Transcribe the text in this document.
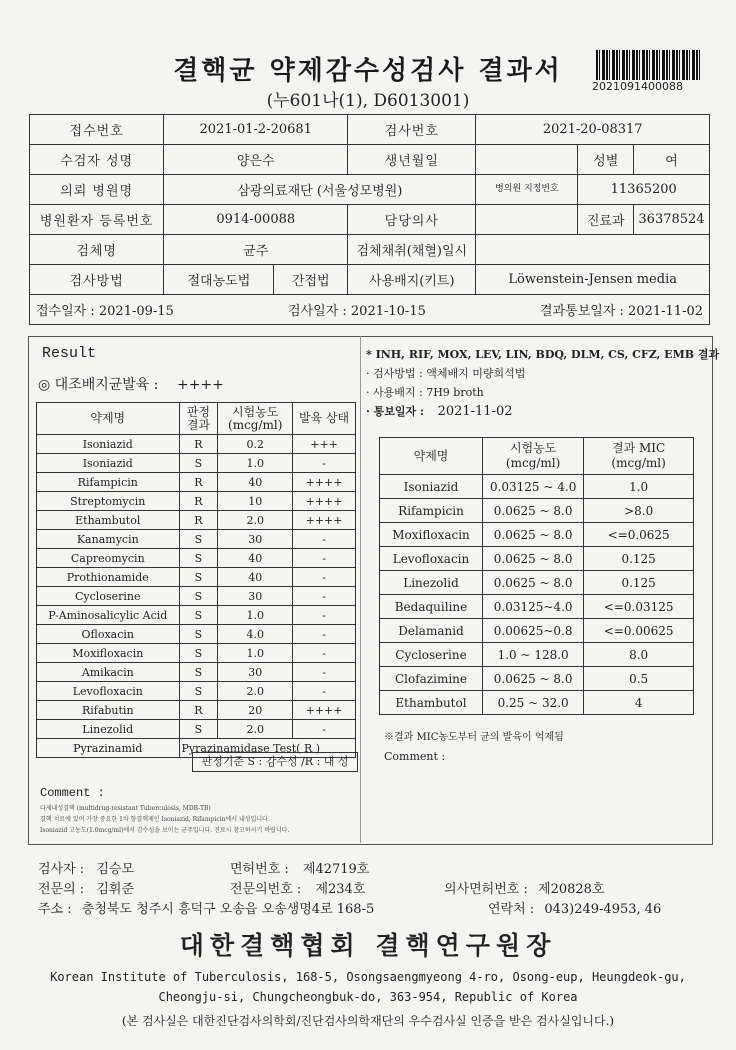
결핵균 약제감수성검사 결과서
(누601나(1), D6013001)
2021091400088
접수번호	2021-01-2-20681		검사번호	2021-20-08317		
수검자 성명	양은수		생년월일		성별	여
의뢰 병원명	삼광의료재단 (서울성모병원)			병의원 지정번호	11365200	
병원환자 등록번호	0914-00088		담당의사		진료과	36378524
검체명	균주		검체채취(채혈)일시			
검사방법	절대농도법	간접법	사용배지(키트)	Löwenstein-Jensen media		

접수일자 : 2021-09-15 검사일자 : 2021-10-15 결과통보일자 : 2021-11-02						
Result
◎ 대조배지균발육 : ++++
약제명	판정 결과	시험농도 (mcg/ml)	발육 상태
Isoniazid	R	0.2	+++
Isoniazid	S	1.0	-
Rifampicin	R	40	++++
Streptomycin	R	10	++++
Ethambutol	R	2.0	++++
Kanamycin	S	30	-
Capreomycin	S	40	-
Prothionamide	S	40	-
Cycloserine	S	30	-
P-Aminosalicylic Acid	S	1.0	-
Ofloxacin	S	4.0	-
Moxifloxacin	S	1.0	-
Amikacin	S	30	-
Levofloxacin	S	2.0	-
Rifabutin	R	20	++++
Linezolid	S	2.0	-
Pyrazinamid	Pyrazinamidase Test( R )		
판정기준 S : 감수성 /R : 내 성
Comment :
다제내성결핵 (multidrug-resistant Tuberculosis, MDR-TB)
결핵 치료에 있어 가장 중요한 1차 항결핵제인 Isoniazid, Rifampicin에서 내성입니다.
Isoniazid 고농도(1.0mcg/ml)에서 감수성을 보이는 균주입니다. 진료시 참고하시기 바랍니다.
* INH, RIF, MOX, LEV, LIN, BDQ, DLM, CS, CFZ, EMB 결과
· 검사방법 : 액체배지 미량희석법
· 사용배지 : 7H9 broth
· 통보일자 : 2021-11-02
약제명	시험농도 (mcg/ml)	결과 MIC (mcg/ml)
Isoniazid	0.03125 ~ 4.0	1.0
Rifampicin	0.0625 ~ 8.0	>8.0
Moxifloxacin	0.0625 ~ 8.0	<=0.0625
Levofloxacin	0.0625 ~ 8.0	0.125
Linezolid	0.0625 ~ 8.0	0.125
Bedaquiline	0.03125~4.0	<=0.03125
Delamanid	0.00625~0.8	<=0.00625
Cycloserine	1.0 ~ 128.0	8.0
Clofazimine	0.0625 ~ 8.0	0.5
Ethambutol	0.25 ~ 32.0	4
※결과 MIC농도부터 균의 발육이 억제됨
Comment :
검사자 : 김승모	면허번호 : 제42719호
전문의 : 김휘준	전문의번호 : 제234호	의사면허번호 : 제20828호
주소 : 충청북도 청주시 흥덕구 오송읍 오송생명4로 168-5	연락처 : 043)249-4953, 46
대한결핵협회 결핵연구원장
Korean Institute of Tuberculosis, 168-5, Osongsaengmyeong 4-ro, Osong-eup, Heungdeok-gu,
Cheongju-si, Chungcheongbuk-do, 363-954, Republic of Korea
(본 검사실은 대한진단검사의학회/진단검사의학재단의 우수검사실 인증을 받은 검사실입니다.)
